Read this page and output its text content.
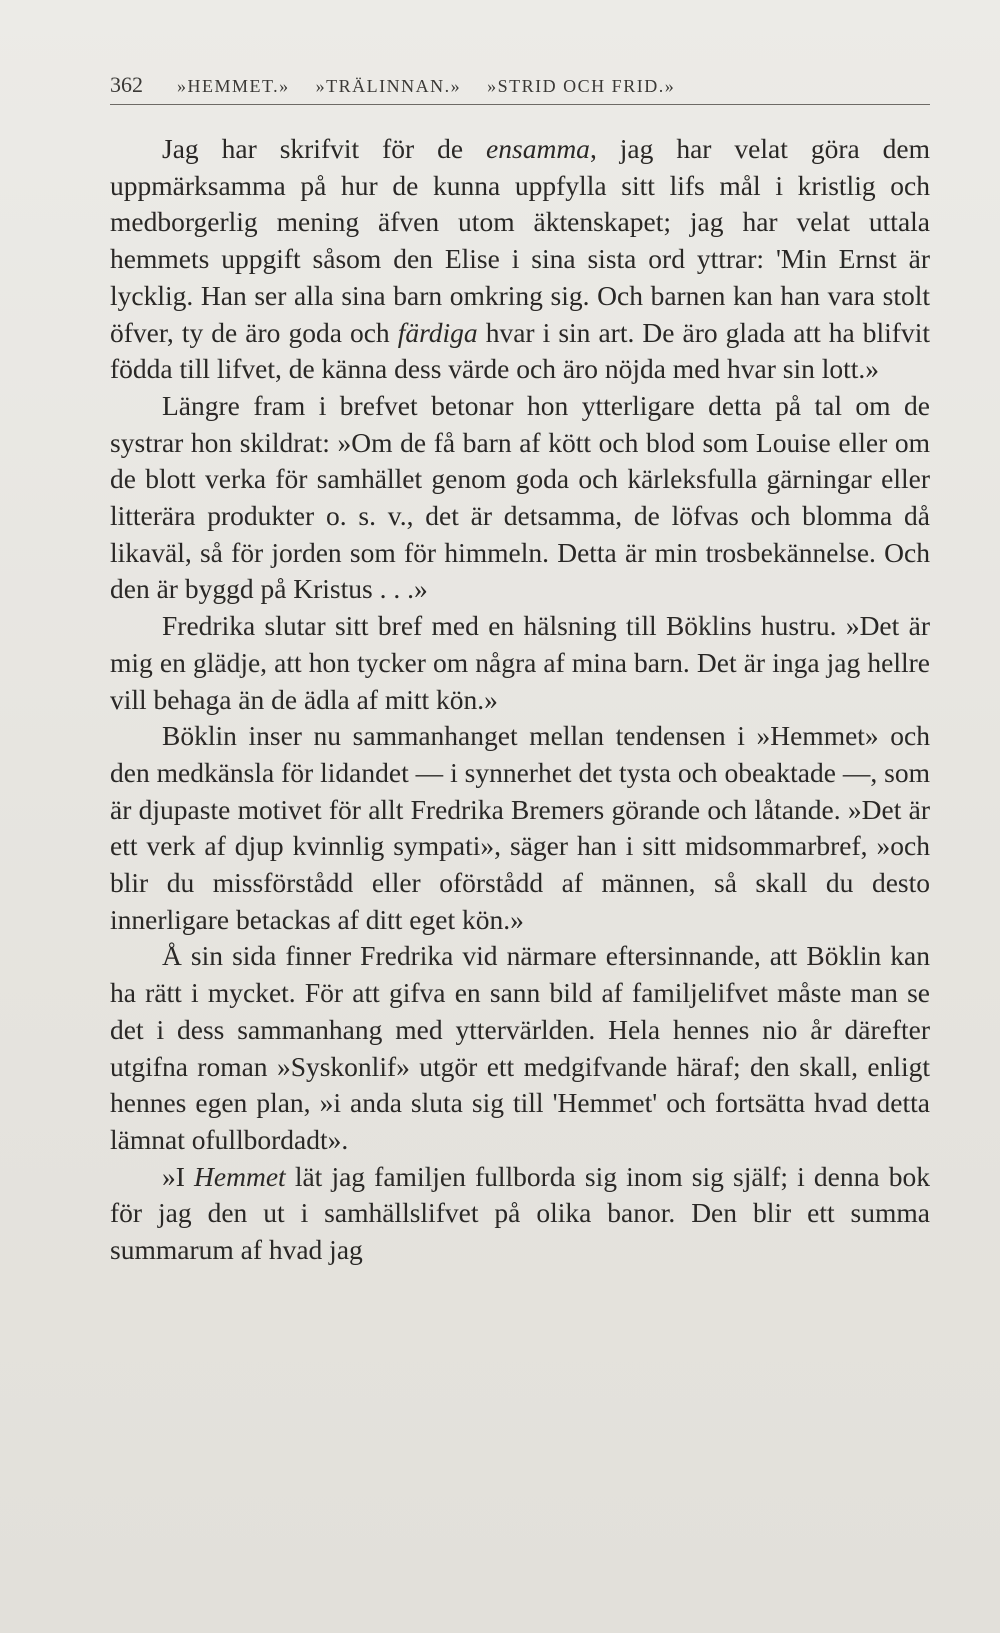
362 »HEMMET.» »TRÄLINNAN.» »STRID OCH FRID.»

Jag har skrifvit för de ensamma, jag har velat göra dem uppmärksamma på hur de kunna uppfylla sitt lifs mål i kristlig och medborgerlig mening äfven utom äktenskapet; jag har velat uttala hemmets uppgift såsom den Elise i sina sista ord yttrar: 'Min Ernst är lycklig. Han ser alla sina barn omkring sig. Och barnen kan han vara stolt öfver, ty de äro goda och färdiga hvar i sin art. De äro glada att ha blifvit födda till lifvet, de känna dess värde och äro nöjda med hvar sin lott.»

Längre fram i brefvet betonar hon ytterligare detta på tal om de systrar hon skildrat: »Om de få barn af kött och blod som Louise eller om de blott verka för samhället genom goda och kärleksfulla gärningar eller litterära produkter o. s. v., det är detsamma, de löfvas och blomma då likaväl, så för jorden som för himmeln. Detta är min trosbekännelse. Och den är byggd på Kristus . . .»

Fredrika slutar sitt bref med en hälsning till Böklins hustru. »Det är mig en glädje, att hon tycker om några af mina barn. Det är inga jag hellre vill behaga än de ädla af mitt kön.»

Böklin inser nu sammanhanget mellan tendensen i »Hemmet» och den medkänsla för lidandet — i synnerhet det tysta och obeaktade —, som är djupaste motivet för allt Fredrika Bremers görande och låtande. »Det är ett verk af djup kvinnlig sympati», säger han i sitt midsommarbref, »och blir du missförstådd eller oförstådd af männen, så skall du desto innerligare betackas af ditt eget kön.»

Å sin sida finner Fredrika vid närmare eftersinnande, att Böklin kan ha rätt i mycket. För att gifva en sann bild af familjelifvet måste man se det i dess sammanhang med yttervärlden. Hela hennes nio år därefter utgifna roman »Syskonlif» utgör ett medgifvande häraf; den skall, enligt hennes egen plan, »i anda sluta sig till 'Hemmet' och fortsätta hvad detta lämnat ofullbordadt».

»I Hemmet lät jag familjen fullborda sig inom sig själf; i denna bok för jag den ut i samhällslifvet på olika banor. Den blir ett summa summarum af hvad jag
